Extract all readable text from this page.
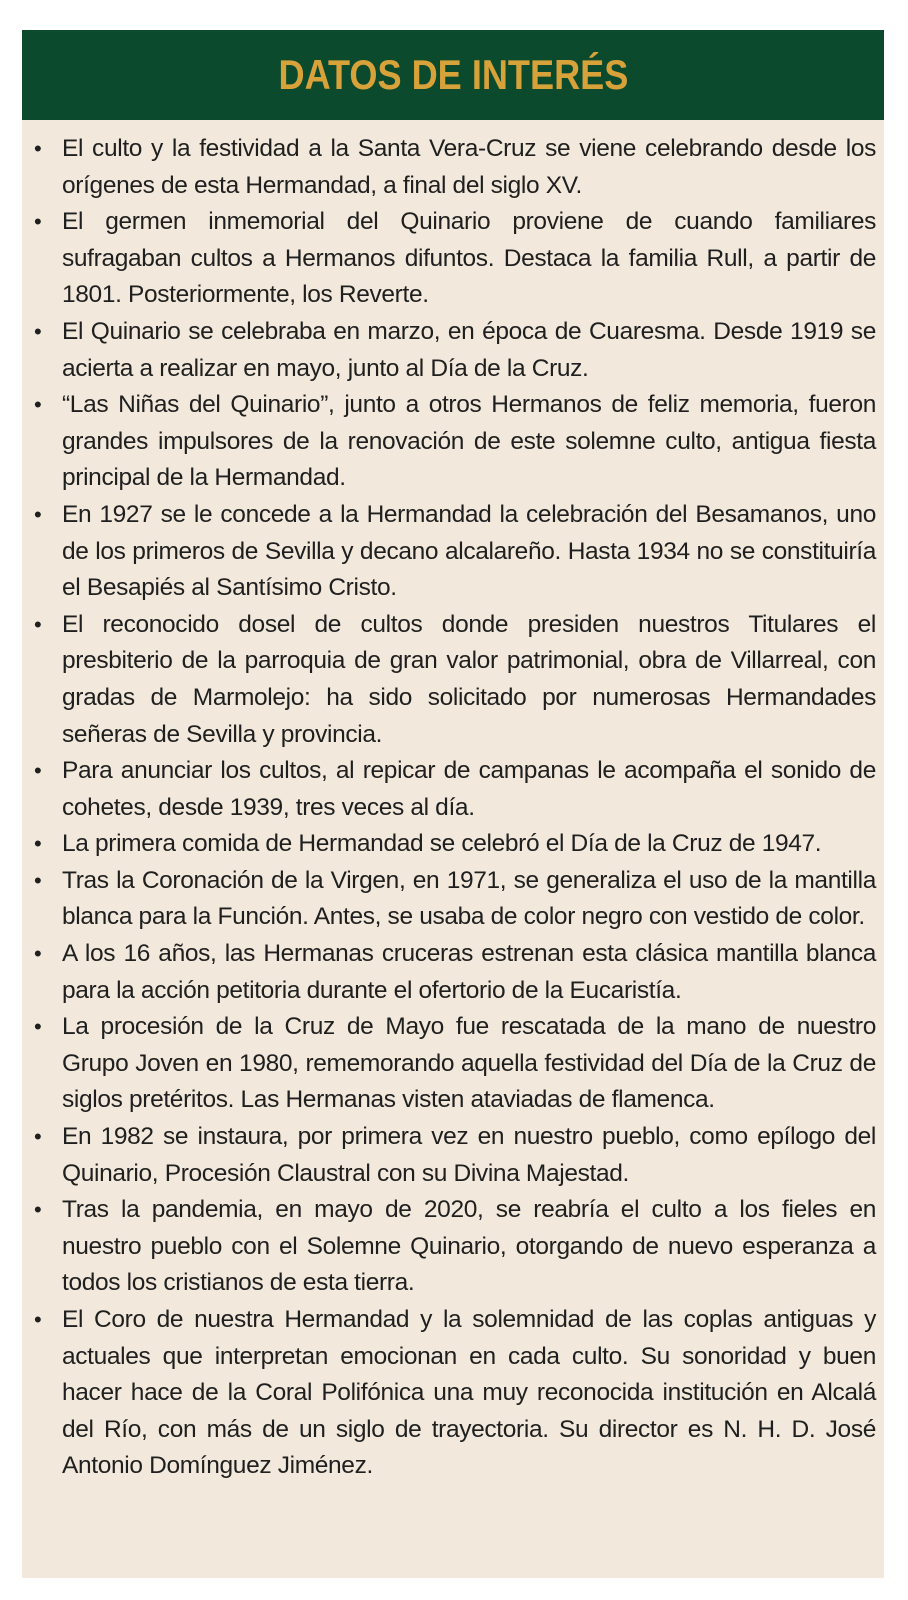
DATOS DE INTERÉS
• El culto y la festividad a la Santa Vera-Cruz se viene celebrando desde los orígenes de esta Hermandad, a final del siglo XV.
• El germen inmemorial del Quinario proviene de cuando familiares sufragaban cultos a Hermanos difuntos. Destaca la familia Rull, a partir de 1801. Posteriormente, los Reverte.
• El Quinario se celebraba en marzo, en época de Cuaresma. Desde 1919 se acierta a realizar en mayo, junto al Día de la Cruz.
• “Las Niñas del Quinario”, junto a otros Hermanos de feliz memoria, fueron grandes impulsores de la renovación de este solemne culto, antigua fiesta principal de la Hermandad.
• En 1927 se le concede a la Hermandad la celebración del Besamanos, uno de los primeros de Sevilla y decano alcalareño. Hasta 1934 no se constituiría el Besapiés al Santísimo Cristo.
• El reconocido dosel de cultos donde presiden nuestros Titulares el presbiterio de la parroquia de gran valor patrimonial, obra de Villarreal, con gradas de Marmolejo: ha sido solicitado por numerosas Hermandades señeras de Sevilla y provincia.
• Para anunciar los cultos, al repicar de campanas le acompaña el sonido de cohetes, desde 1939, tres veces al día.
• La primera comida de Hermandad se celebró el Día de la Cruz de 1947.
• Tras la Coronación de la Virgen, en 1971, se generaliza el uso de la mantilla blanca para la Función. Antes, se usaba de color negro con vestido de color.
• A los 16 años, las Hermanas cruceras estrenan esta clásica mantilla blanca para la acción petitoria durante el ofertorio de la Eucaristía.
• La procesión de la Cruz de Mayo fue rescatada de la mano de nuestro Grupo Joven en 1980, rememorando aquella festividad del Día de la Cruz de siglos pretéritos. Las Hermanas visten ataviadas de flamenca.
• En 1982 se instaura, por primera vez en nuestro pueblo, como epílogo del Quinario, Procesión Claustral con su Divina Majestad.
• Tras la pandemia, en mayo de 2020, se reabría el culto a los fieles en nuestro pueblo con el Solemne Quinario, otorgando de nuevo esperanza a todos los cristianos de esta tierra.
• El Coro de nuestra Hermandad y la solemnidad de las coplas antiguas y actuales que interpretan emocionan en cada culto. Su sonoridad y buen hacer hace de la Coral Polifónica una muy reconocida institución en Alcalá del Río, con más de un siglo de trayectoria. Su director es N. H. D. José Antonio Domínguez Jiménez.
